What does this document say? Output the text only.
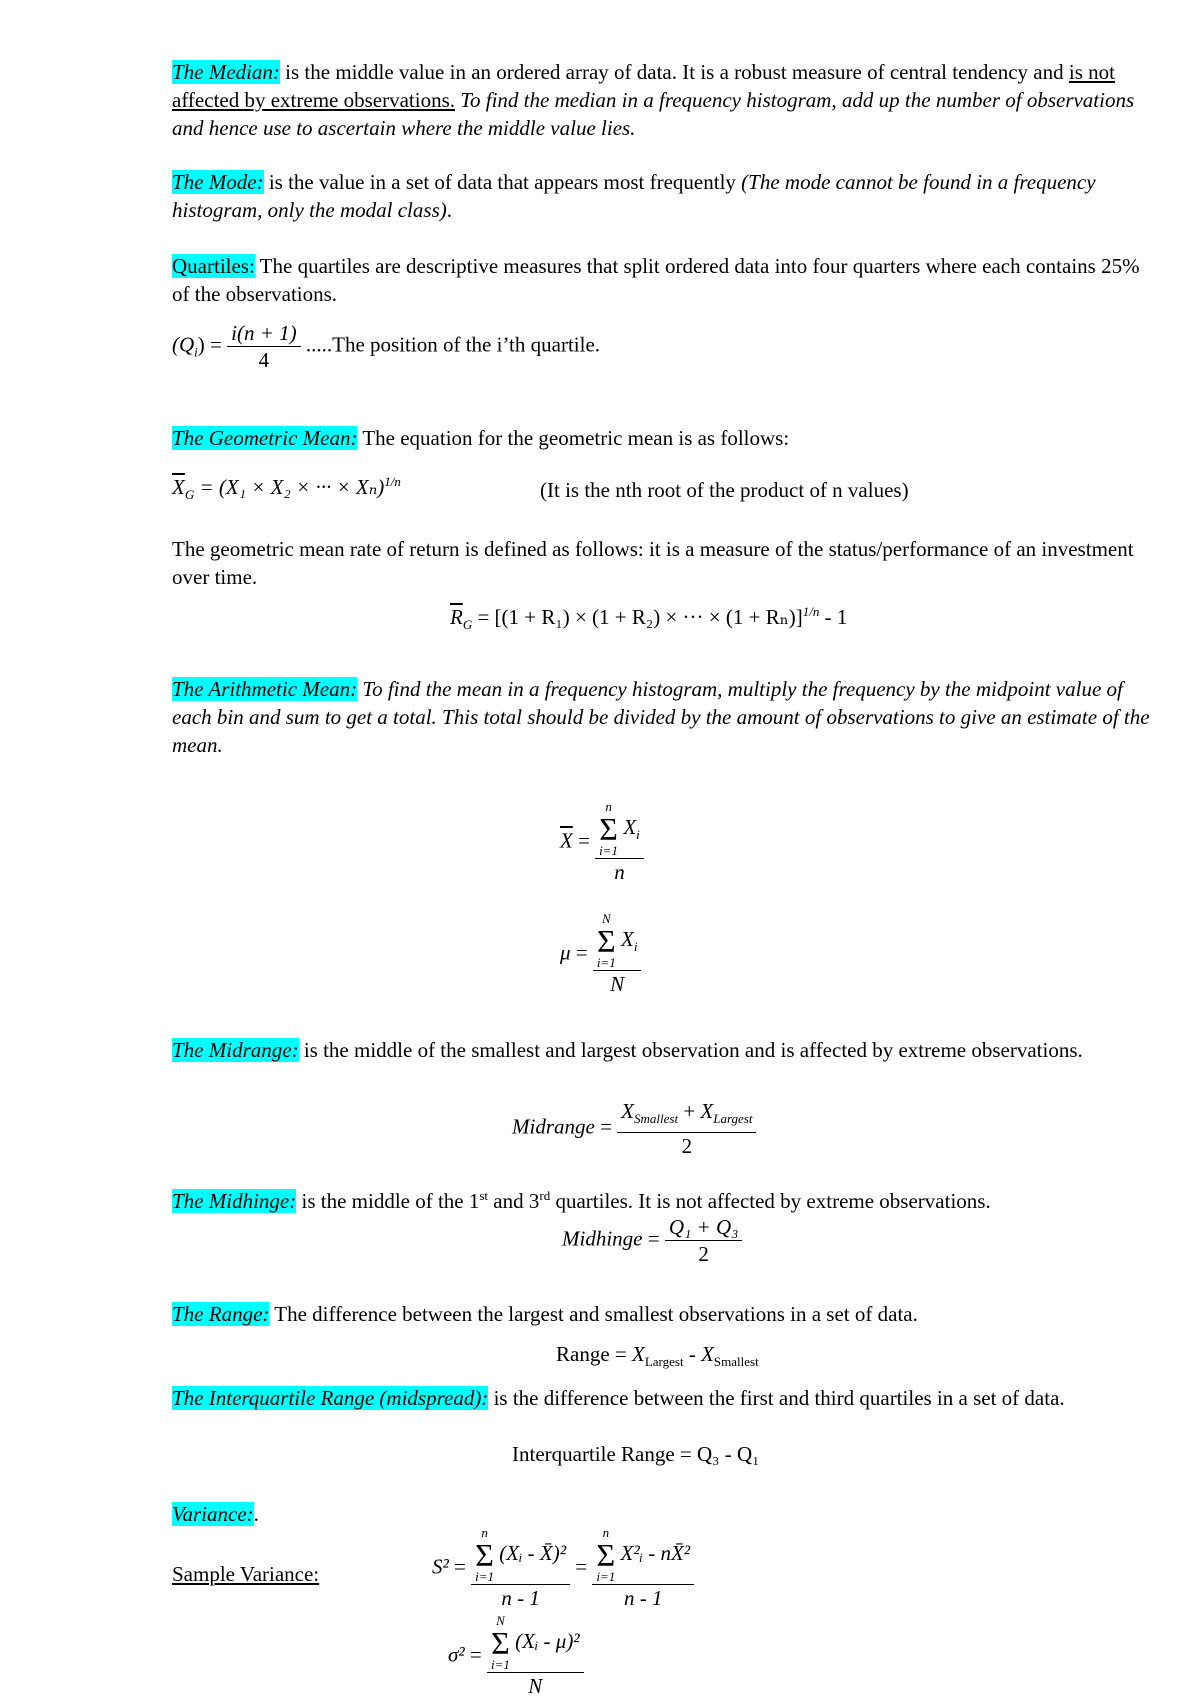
The Median: is the middle value in an ordered array of data. It is a robust measure of central tendency and is not affected by extreme observations. To find the median in a frequency histogram, add up the number of observations and hence use to ascertain where the middle value lies.
The Mode: is the value in a set of data that appears most frequently (The mode cannot be found in a frequency histogram, only the modal class).
Quartiles: The quartiles are descriptive measures that split ordered data into four quarters where each contains 25% of the observations.
$(Q_i) = \frac{i(n + 1)}{4} .....The$ position of the i’th quartile.
The Geometric Mean: The equation for the geometric mean is as follows:
$\overline{X}_G = (X_1 \times X_2$ × ··· × Xₙ)$^{1/n}$	(It is the nth root of the product of n values)
The geometric mean rate of return is defined as follows: it is a measure of the status/performance of an investment over time.
$\overline{R}_G = [(1 + R_1) \times (1 + R_2)$ × ··· × (1 + Rₙ)]$^{1/n}$ - 1
The Arithmetic Mean: To find the mean in a frequency histogram, multiply the frequency by the midpoint value of each bin and sum to get a total. This total should be divided by the amount of observations to give an estimate of the mean.
$\overline{X} = n$
Σ
i=1
$X_i$
n
μ = N
Σ
i=1
$X_i$
N
The Midrange: is the middle of the smallest and largest observation and is affected by extreme observations.
Midrange = $\frac{X_{Smallest} + X_{Largest}}{2}$
The Midhinge: is the middle of the 1st and 3rd quartiles. It is not affected by extreme observations.
Midhinge = $\frac{\text{Q₁ + Q₃}}{2}$
The Range: The difference between the largest and smallest observations in a set of data.
Range = $X_{Largest} - X_{Smallest}$
The Interquartile Range (midspread): is the difference between the first and third quartiles in a set of data.
Interquartile Range = Q₃ - Q₁
Variance:.
Sample Variance:	S² = n
Σ
i=1
(Xᵢ - X̄)²
n - 1 = n
Σ
i=1
X²ᵢ - nX̄²
n - 1
σ² = N
Σ
i=1
(Xᵢ - μ)²
N
